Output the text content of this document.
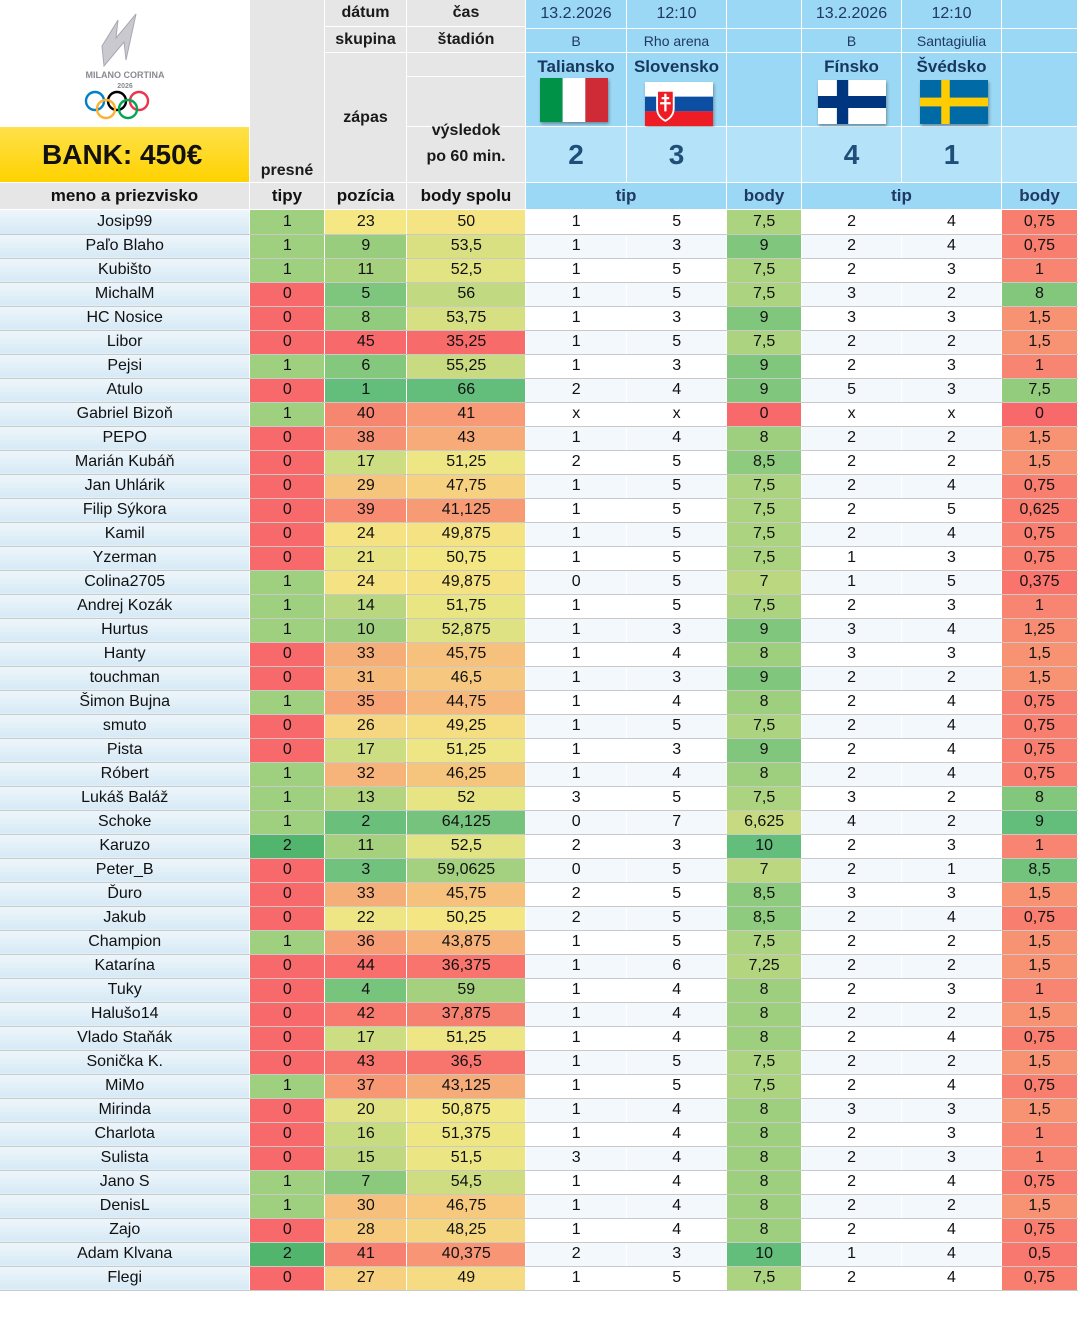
MILANO CORTINA
2026
BANK: 450€
meno a priezvisko
presné
tipy
dátum
skupina
zápas
pozícia
čas
štadión
výsledok
po 60 min.
body spolu
13.2.2026	12:10
B	Rho arena
Taliansko	Slovensko
2	3
tip	body
13.2.2026	12:10
B	Santagiulia
Fínsko	Švédsko
4	1
tip	body
Josip99	1	23	50	1	5	7,5	2	4	0,75
Paľo Blaho	1	9	53,5	1	3	9	2	4	0,75
Kubišto	1	11	52,5	1	5	7,5	2	3	1
MichalM	0	5	56	1	5	7,5	3	2	8
HC Nosice	0	8	53,75	1	3	9	3	3	1,5
Libor	0	45	35,25	1	5	7,5	2	2	1,5
Pejsi	1	6	55,25	1	3	9	2	3	1
Atulo	0	1	66	2	4	9	5	3	7,5
Gabriel Bizoň	1	40	41	x	x	0	x	x	0
PEPO	0	38	43	1	4	8	2	2	1,5
Marián Kubáň	0	17	51,25	2	5	8,5	2	2	1,5
Jan Uhlárik	0	29	47,75	1	5	7,5	2	4	0,75
Filip Sýkora	0	39	41,125	1	5	7,5	2	5	0,625
Kamil	0	24	49,875	1	5	7,5	2	4	0,75
Yzerman	0	21	50,75	1	5	7,5	1	3	0,75
Colina2705	1	24	49,875	0	5	7	1	5	0,375
Andrej Kozák	1	14	51,75	1	5	7,5	2	3	1
Hurtus	1	10	52,875	1	3	9	3	4	1,25
Hanty	0	33	45,75	1	4	8	3	3	1,5
touchman	0	31	46,5	1	3	9	2	2	1,5
Šimon Bujna	1	35	44,75	1	4	8	2	4	0,75
smuto	0	26	49,25	1	5	7,5	2	4	0,75
Pista	0	17	51,25	1	3	9	2	4	0,75
Róbert	1	32	46,25	1	4	8	2	4	0,75
Lukáš Baláž	1	13	52	3	5	7,5	3	2	8
Schoke	1	2	64,125	0	7	6,625	4	2	9
Karuzo	2	11	52,5	2	3	10	2	3	1
Peter_B	0	3	59,0625	0	5	7	2	1	8,5
Ďuro	0	33	45,75	2	5	8,5	3	3	1,5
Jakub	0	22	50,25	2	5	8,5	2	4	0,75
Champion	1	36	43,875	1	5	7,5	2	2	1,5
Katarína	0	44	36,375	1	6	7,25	2	2	1,5
Tuky	0	4	59	1	4	8	2	3	1
Halušo14	0	42	37,875	1	4	8	2	2	1,5
Vlado Staňák	0	17	51,25	1	4	8	2	4	0,75
Sonička K.	0	43	36,5	1	5	7,5	2	2	1,5
MiMo	1	37	43,125	1	5	7,5	2	4	0,75
Mirinda	0	20	50,875	1	4	8	3	3	1,5
Charlota	0	16	51,375	1	4	8	2	3	1
Sulista	0	15	51,5	3	4	8	2	3	1
Jano S	1	7	54,5	1	4	8	2	4	0,75
DenisL	1	30	46,75	1	4	8	2	2	1,5
Zajo	0	28	48,25	1	4	8	2	4	0,75
Adam Klvana	2	41	40,375	2	3	10	1	4	0,5
Flegi	0	27	49	1	5	7,5	2	4	0,75
